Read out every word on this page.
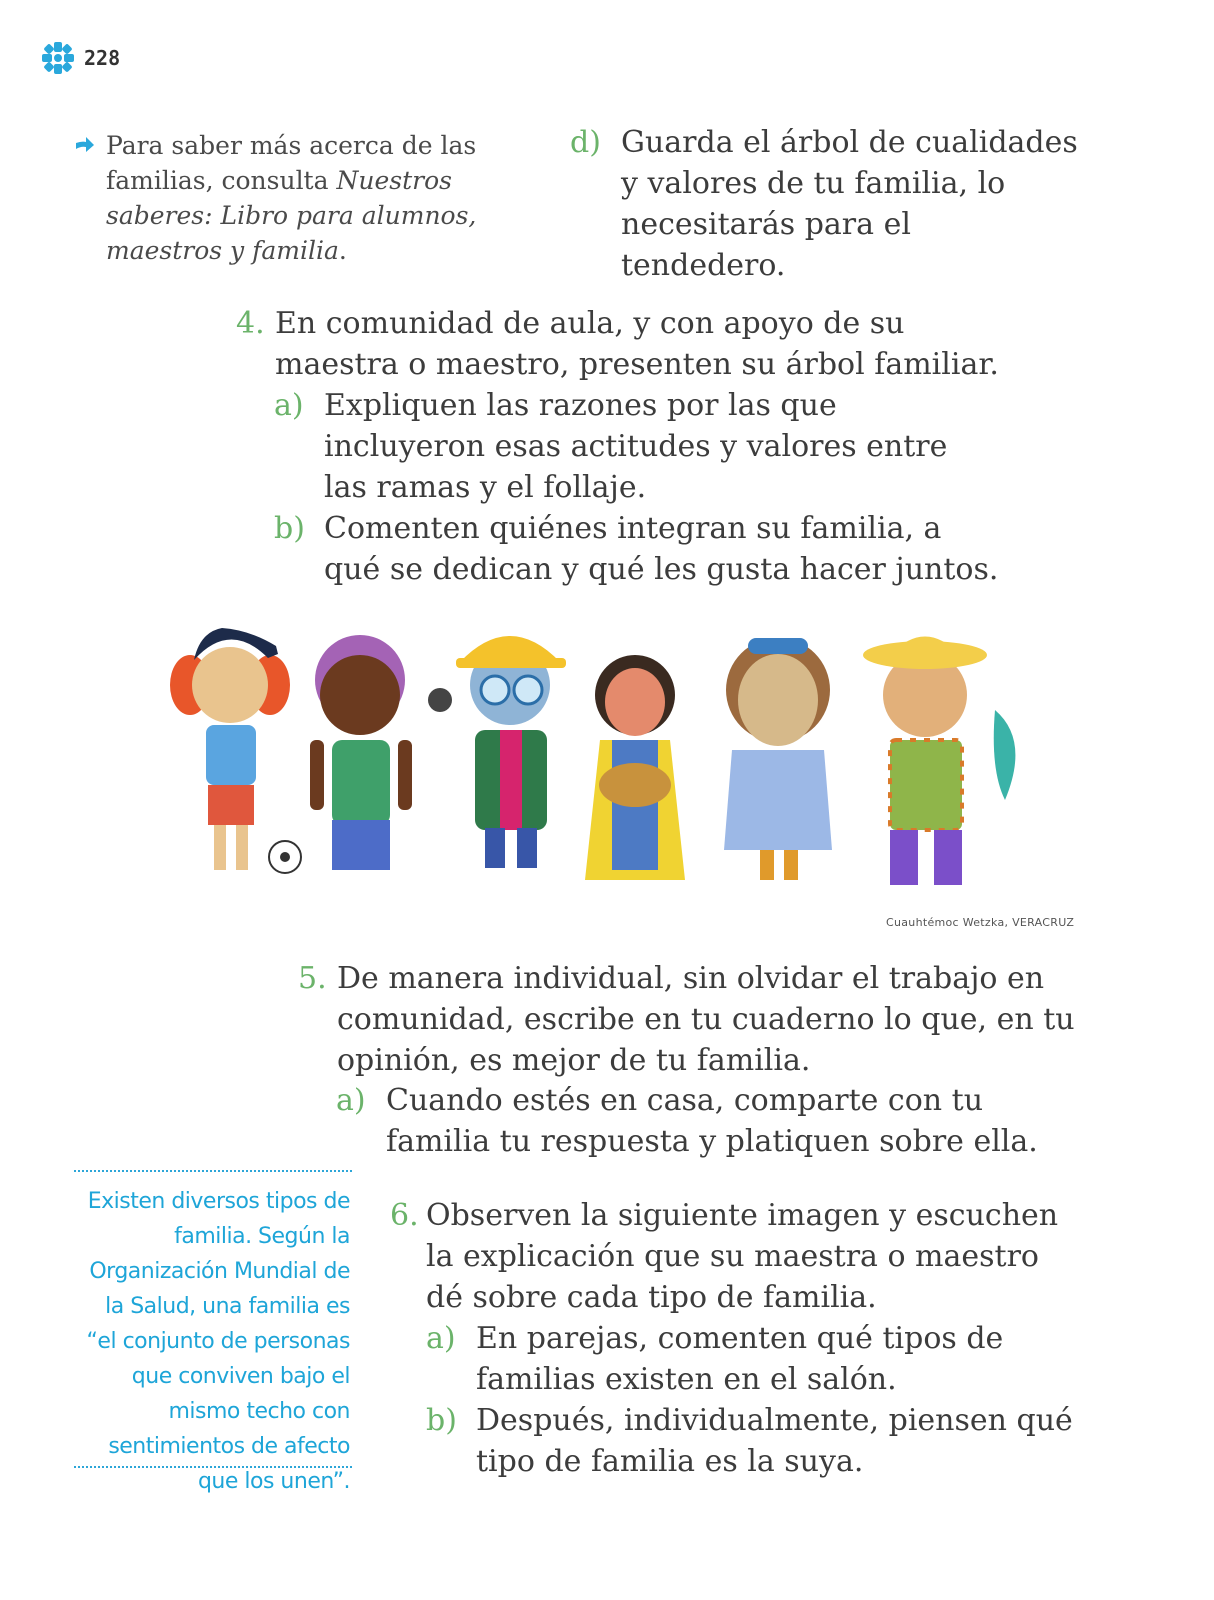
228
Para saber más acerca de las familias, consulta Nuestros saberes: Libro para alumnos, maestros y familia.
d) Guarda el árbol de cualidades y valores de tu familia, lo necesitarás para el tendedero.
4. En comunidad de aula, y con apoyo de su maestra o maestro, presenten su árbol familiar.
a) Expliquen las razones por las que incluyeron esas actitudes y valores entre las ramas y el follaje.
b) Comenten quiénes integran su familia, a qué se dedican y qué les gusta hacer juntos.
Cuauhtémoc Wetzka, VERACRUZ
5. De manera individual, sin olvidar el trabajo en comunidad, escribe en tu cuaderno lo que, en tu opinión, es mejor de tu familia.
a) Cuando estés en casa, comparte con tu familia tu respuesta y platiquen sobre ella.
Existen diversos tipos de familia. Según la Organización Mundial de la Salud, una familia es “el conjunto de personas que conviven bajo el mismo techo con sentimientos de afecto que los unen”.
6. Observen la siguiente imagen y escuchen la explicación que su maestra o maestro dé sobre cada tipo de familia.
a) En parejas, comenten qué tipos de familias existen en el salón.
b) Después, individualmente, piensen qué tipo de familia es la suya.
